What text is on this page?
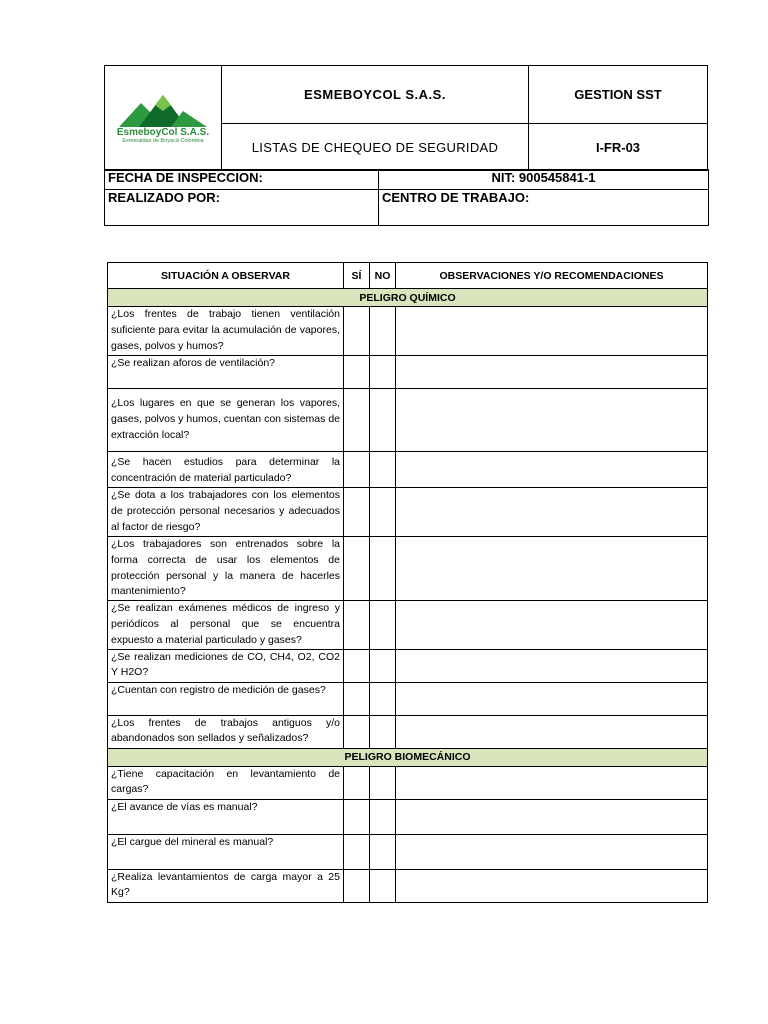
EsmeboyCol S.A.S.
Esmeraldas de Boyacá Colombia	ESMEBOYCOL S.A.S.	GESTION SST
	LISTAS DE CHEQUEO DE SEGURIDAD	I-FR-03
FECHA DE INSPECCION:	NIT: 900545841-1
REALIZADO POR:	CENTRO DE TRABAJO:
SITUACIÓN A OBSERVAR	SÍ	NO	OBSERVACIONES Y/O RECOMENDACIONES
PELIGRO QUÍMICO			
¿Los frentes de trabajo tienen ventilación suficiente para evitar la acumulación de vapores, gases, polvos y humos?			
¿Se realizan aforos de ventilación?			
¿Los lugares en que se generan los vapores, gases, polvos y humos, cuentan con sistemas de extracción local?			
¿Se hacen estudios para determinar la concentración de material particulado?			
¿Se dota a los trabajadores con los elementos de protección personal necesarios y adecuados al factor de riesgo?			
¿Los trabajadores son entrenados sobre la forma correcta de usar los elementos de protección personal y la manera de hacerles mantenimiento?			
¿Se realizan exámenes médicos de ingreso y periódicos al personal que se encuentra expuesto a material particulado y gases?			
¿Se realizan mediciones de CO, CH4, O2, CO2 Y H2O?			
¿Cuentan con registro de medición de gases?			
¿Los frentes de trabajos antiguos y/o abandonados son sellados y señalizados?			
PELIGRO BIOMECÁNICO			
¿Tiene capacitación en levantamiento de cargas?			
¿El avance de vías es manual?			
¿El cargue del mineral es manual?			
¿Realiza levantamientos de carga mayor a 25 Kg?			
